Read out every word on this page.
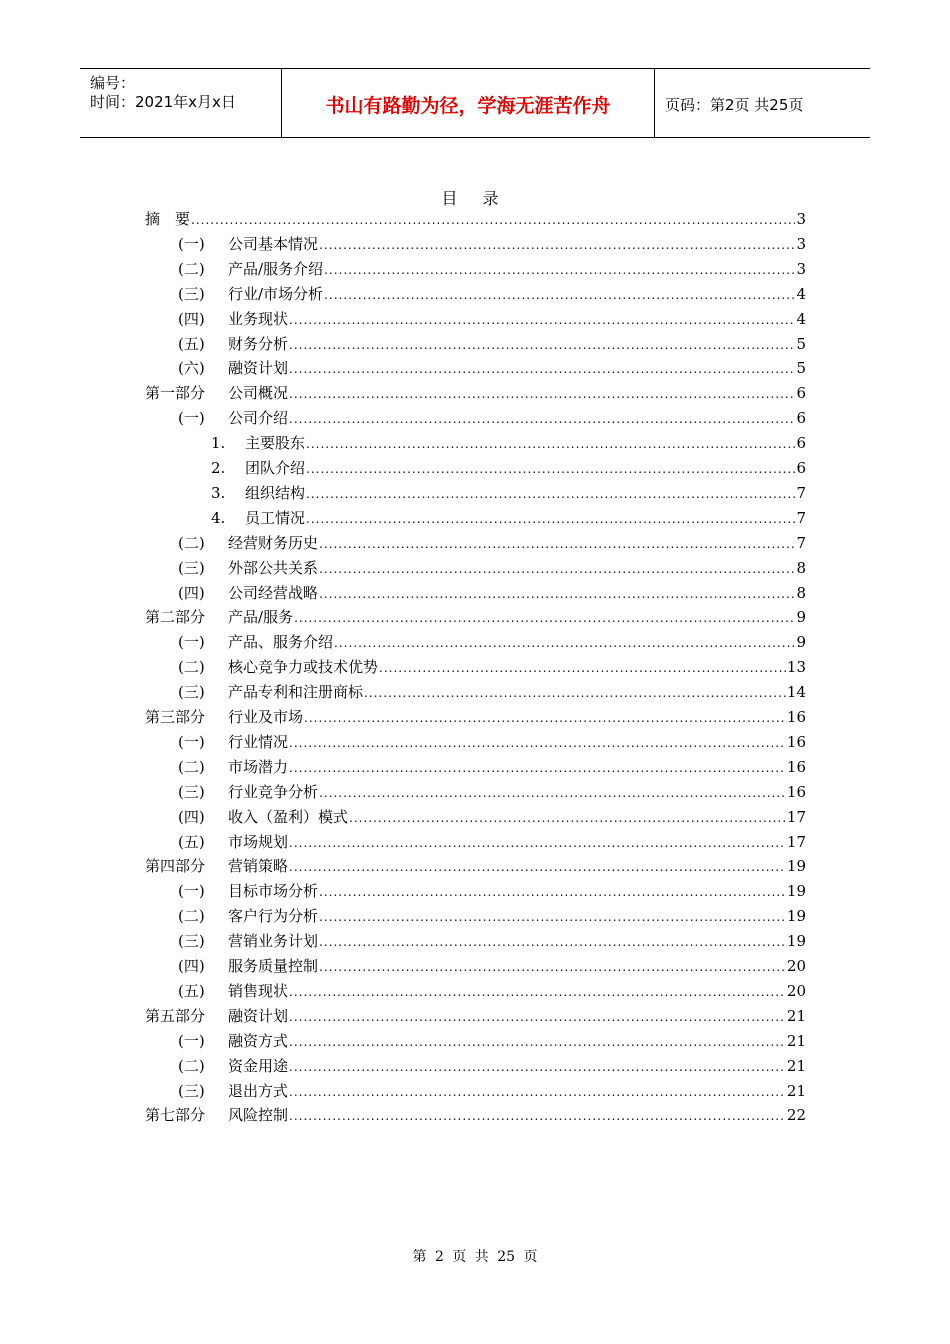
编号：
时间：2021年x月x日	书山有路勤为径，学海无涯苦作舟	页码：第2页 共25页
目 录
摘　要 .....	3
(一)	公司基本情况 .....	3
(二)	产品/服务介绍 .....	3
(三)	行业/市场分析 .....	4
(四)	业务现状 .....	4
(五)	财务分析 .....	5
(六)	融资计划 .....	5
第一部分	公司概况 .....	6
(一)	公司介绍 .....	6
1.	主要股东 .....	6
2.	团队介绍 .....	6
3.	组织结构 .....	7
4.	员工情况 .....	7
(二)	经营财务历史 .....	7
(三)	外部公共关系 .....	8
(四)	公司经营战略 .....	8
第二部分	产品/服务 .....	9
(一)	产品、服务介绍 .....	9
(二)	核心竞争力或技术优势 .....	13
(三)	产品专利和注册商标 .....	14
第三部分	行业及市场 .....	16
(一)	行业情况 .....	16
(二)	市场潜力 .....	16
(三)	行业竞争分析 .....	16
(四)	收入（盈利）模式 .....	17
(五)	市场规划 .....	17
第四部分	营销策略 .....	19
(一)	目标市场分析 .....	19
(二)	客户行为分析 .....	19
(三)	营销业务计划 .....	19
(四)	服务质量控制 .....	20
(五)	销售现状 .....	20
第五部分	融资计划 .....	21
(一)	融资方式 .....	21
(二)	资金用途 .....	21
(三)	退出方式 .....	21
第七部分	风险控制 .....	22
第 2 页 共 25 页
